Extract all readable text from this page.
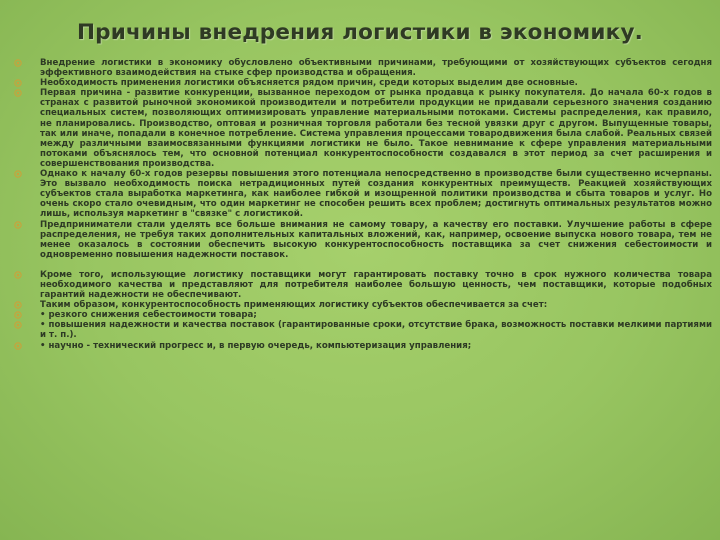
Причины внедрения логистики в экономику.
Внедрение логистики в экономику обусловлено объективными причинами, требующими от хозяйствующих субъектов сегодня эффективного взаимодействия на стыке сфер производства и обращения.
Необходимость применения логистики объясняется рядом причин, среди которых выделим две основные.
Первая причина - развитие конкуренции, вызванное переходом от рынка продавца к рынку покупателя. До начала 60-х годов в странах с развитой рыночной экономикой производители и потребители продукции не придавали серьезного значения созданию специальных систем, позволяющих оптимизировать управление материальными потоками. Системы распределения, как правило, не планировались. Производство, оптовая и розничная торговля работали без тесной увязки друг с другом. Выпущенные товары, так или иначе, попадали в конечное потребление. Система управления процессами товародвижения была слабой. Реальных связей между различными взаимосвязанными функциями логистики не было. Такое невнимание к сфере управления материальными потоками объяснялось тем, что основной потенциал конкурентоспособности создавался в этот период за счет расширения и совершенствования производства.
Однако к началу 60-х годов резервы повышения этого потенциала непосредственно в производстве были существенно исчерпаны. Это вызвало необходимость поиска нетрадиционных путей создания конкурентных преимуществ. Реакцией хозяйствующих субъектов стала выработка маркетинга, как наиболее гибкой и изощренной политики производства и сбыта товаров и услуг. Но очень скоро стало очевидным, что один маркетинг не способен решить всех проблем; достигнуть оптимальных результатов можно лишь, используя маркетинг в "связке" с логистикой.
Предприниматели стали уделять все больше внимания не самому товару, а качеству его поставки. Улучшение работы в сфере распределения, не требуя таких дополнительных капитальных вложений, как, например, освоение выпуска нового товара, тем не менее оказалось в состоянии обеспечить высокую конкурентоспособность поставщика за счет снижения себестоимости и одновременно повышения надежности поставок.
Кроме того, использующие логистику поставщики могут гарантировать поставку точно в срок нужного количества товара необходимого качества и представляют для потребителя наиболее большую ценность, чем поставщики, которые подобных гарантий надежности не обеспечивают.
Таким образом, конкурентоспособность применяющих логистику субъектов обеспечивается за счет:
• резкого снижения себестоимости товара;
• повышения надежности и качества поставок (гарантированные сроки, отсутствие брака, возможность поставки мелкими партиями и т. п.).
• научно - технический прогресс и, в первую очередь, компьютеризация управления;
